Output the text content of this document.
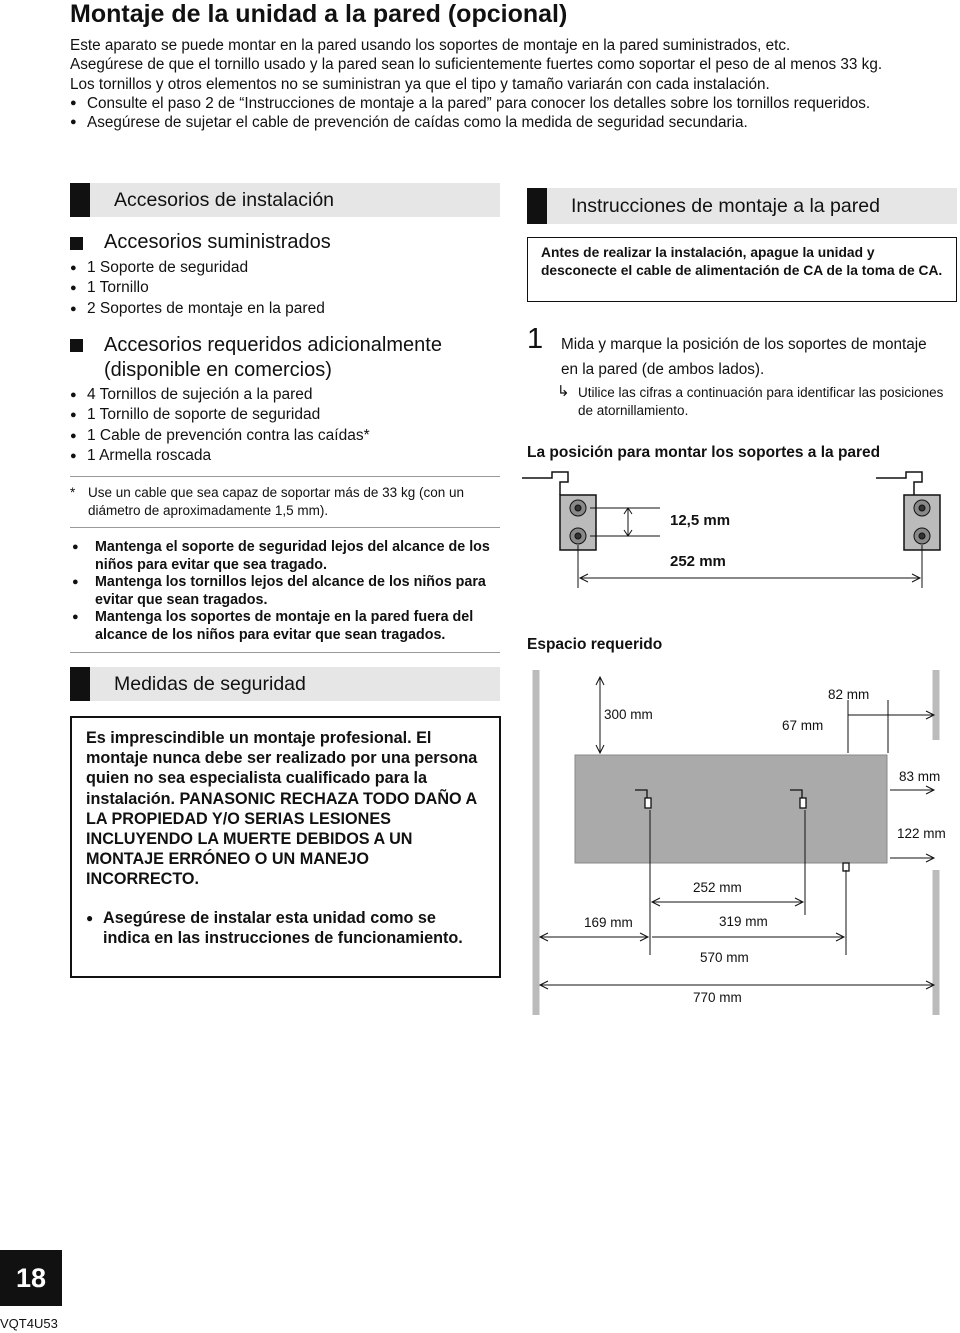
Montaje de la unidad a la pared (opcional)

Este aparato se puede montar en la pared usando los soportes de montaje en la pared suministrados, etc.

Asegúrese de que el tornillo usado y la pared sean lo suficientemente fuertes como soportar el peso de al menos 33 kg.

Los tornillos y otros elementos no se suministran ya que el tipo y tamaño variarán con cada instalación.

● Consulte el paso 2 de “Instrucciones de montaje a la pared” para conocer los detalles sobre los tornillos requeridos.

● Asegúrese de sujetar el cable de prevención de caídas como la medida de seguridad secundaria.

Accesorios de instalación
Accesorios suministrados
● 1 Soporte de seguridad
● 1 Tornillo
● 2 Soportes de montaje en la pared
Accesorios requeridos adicionalmente
(disponible en comercios)
● 4 Tornillos de sujeción a la pared
● 1 Tornillo de soporte de seguridad
● 1 Cable de prevención contra las caídas*
● 1 Armella roscada
* Use un cable que sea capaz de soportar más de 33 kg (con un diámetro de aproximadamente 1,5 mm).
● Mantenga el soporte de seguridad lejos del alcance de los niños para evitar que sea tragado.
● Mantenga los tornillos lejos del alcance de los niños para evitar que sean tragados.
● Mantenga los soportes de montaje en la pared fuera del alcance de los niños para evitar que sean tragados.
Medidas de seguridad
Es imprescindible un montaje profesional. El montaje nunca debe ser realizado por una persona quien no sea especialista cualificado para la instalación. PANASONIC RECHAZA TODO DAÑO A LA PROPIEDAD Y/O SERIAS LESIONES INCLUYENDO LA MUERTE DEBIDOS A UN MONTAJE ERRÓNEO O UN MANEJO INCORRECTO.
● Asegúrese de instalar esta unidad como se indica en las instrucciones de funcionamiento.
Instrucciones de montaje a la pared
Antes de realizar la instalación, apague la unidad y desconecte el cable de alimentación de CA de la toma de CA.
1 Mida y marque la posición de los soportes de montaje en la pared (de ambos lados).
↳ Utilice las cifras a continuación para identificar las posiciones de atornillamiento.
La posición para montar los soportes a la pared
12,5 mm
252 mm
Espacio requerido
300 mm
82 mm
67 mm
83 mm
122 mm
252 mm
169 mm	319 mm
570 mm
770 mm
18
VQT4U53
